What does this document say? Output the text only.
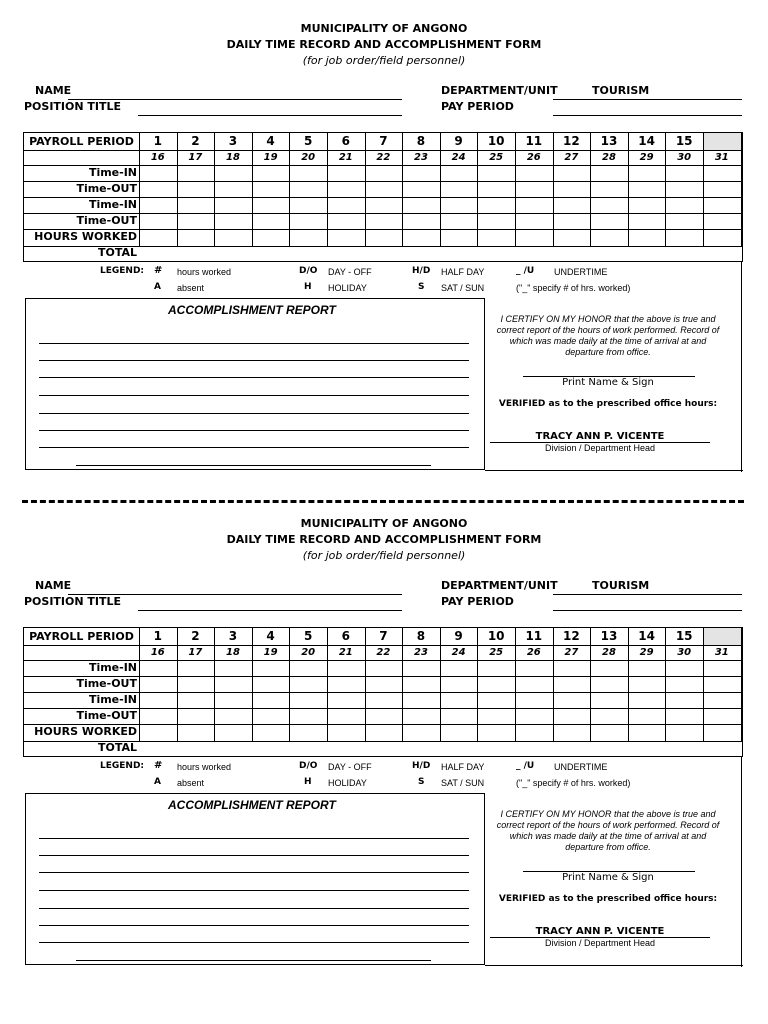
MUNICIPALITY OF ANGONO
DAILY TIME RECORD AND ACCOMPLISHMENT FORM
(for job order/field personnel)
NAME
POSITION TITLE
DEPARTMENT/UNIT	TOURISM
PAY PERIOD
PAYROLL PERIOD	1	2	3	4	5	6	7	8	9	10	11	12	13	14	15
16	17	18	19	20	21	22	23	24	25	26	27	28	29	30	31
Time-IN
Time-OUT
Time-IN
Time-OUT
HOURS WORKED
TOTAL
LEGEND: # hours worked
A absent
D/O DAY - OFF
H HOLIDAY
H/D HALF DAY
S SAT / SUN
_ /U UNDERTIME
("_" specify # of hrs. worked)
ACCOMPLISHMENT REPORT
I CERTIFY ON MY HONOR that the above is true and correct report of the hours of work performed. Record of which was made daily at the time of arrival at and departure from office.
Print Name & Sign
VERIFIED as to the prescribed office hours:
TRACY ANN P. VICENTE
Division / Department Head
MUNICIPALITY OF ANGONO
DAILY TIME RECORD AND ACCOMPLISHMENT FORM
(for job order/field personnel)
NAME
POSITION TITLE
DEPARTMENT/UNIT	TOURISM
PAY PERIOD
PAYROLL PERIOD	1	2	3	4	5	6	7	8	9	10	11	12	13	14	15
16	17	18	19	20	21	22	23	24	25	26	27	28	29	30	31
Time-IN
Time-OUT
Time-IN
Time-OUT
HOURS WORKED
TOTAL
LEGEND: # hours worked
A absent
D/O DAY - OFF
H HOLIDAY
H/D HALF DAY
S SAT / SUN
_ /U UNDERTIME
("_" specify # of hrs. worked)
ACCOMPLISHMENT REPORT
I CERTIFY ON MY HONOR that the above is true and correct report of the hours of work performed. Record of which was made daily at the time of arrival at and departure from office.
Print Name & Sign
VERIFIED as to the prescribed office hours:
TRACY ANN P. VICENTE
Division / Department Head
